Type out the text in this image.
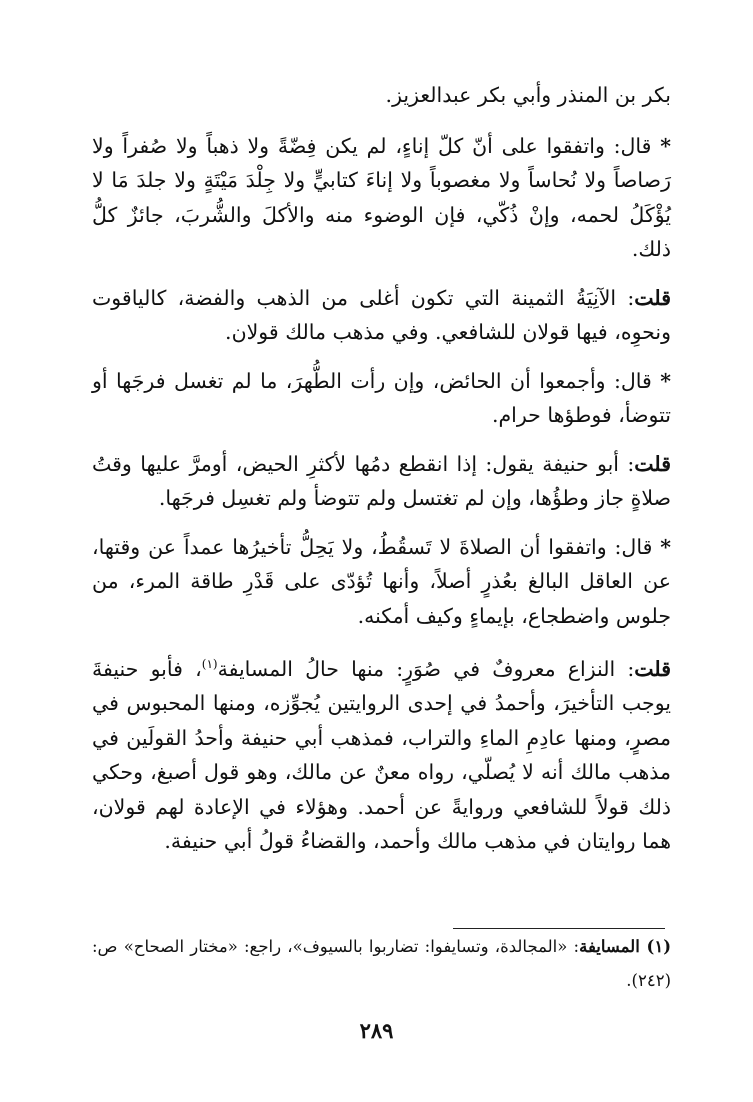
بكر بن المنذر وأبي بكر عبدالعزيز.

* قال: واتفقوا على أنّ كلّ إناءٍ، لم يكن فِضّةً ولا ذهباً ولا صُفراً ولا رَصاصاً ولا نُحاساً ولا مغصوباً ولا إناءَ كتابيٍّ ولا جِلْدَ مَيْتَةٍ ولا جلدَ مَا لا يُؤْكَلُ لحمه، وإنْ ذُكّي، فإن الوضوء منه والأكلَ والشُّربَ، جائزٌ كلُّ ذلك.

قلت: الآنِيَةُ الثمينة التي تكون أغلى من الذهب والفضة، كالياقوت ونحوِه، فيها قولان للشافعي. وفي مذهب مالك قولان.

* قال: وأجمعوا أن الحائض، وإن رأت الطُّهرَ، ما لم تغسل فرجَها أو تتوضأ، فوطؤها حرام.

قلت: أبو حنيفة يقول: إذا انقطع دمُها لأكثرِ الحيض، أومرَّ عليها وقتُ صلاةٍ جاز وطؤُها، وإن لم تغتسل ولم تتوضأ ولم تغسِل فرجَها.

* قال: واتفقوا أن الصلاةَ لا تَسقُطُ، ولا يَحِلُّ تأخيرُها عمداً عن وقتها، عن العاقل البالغ بعُذرٍ أصلاً، وأنها تُؤدّى على قَدْرِ طاقة المرء، من جلوس واضطجاع، بإيماءٍ وكيف أمكنه.

قلت: النزاع معروفٌ في صُوَرٍ: منها حالُ المسايفة$^{(١)}$، فأبو حنيفةَ يوجب التأخيرَ، وأحمدُ في إحدى الروايتين يُجوِّزه، ومنها المحبوس في مصرٍ، ومنها عادِمِ الماءِ والتراب، فمذهب أبي حنيفة وأحدُ القولَين في مذهب مالك أنه لا يُصلّي، رواه معنٌ عن مالك، وهو قول أصبغ، وحكي ذلك قولاً للشافعي وروايةً عن أحمد. وهؤلاء في الإعادة لهم قولان، هما روايتان في مذهب مالك وأحمد، والقضاءُ قولُ أبي حنيفة.

(١) المسايفة: «المجالدة، وتسايفوا: تضاربوا بالسيوف»، راجع: «مختار الصحاح» ص: (٢٤٢).
٢٨٩
